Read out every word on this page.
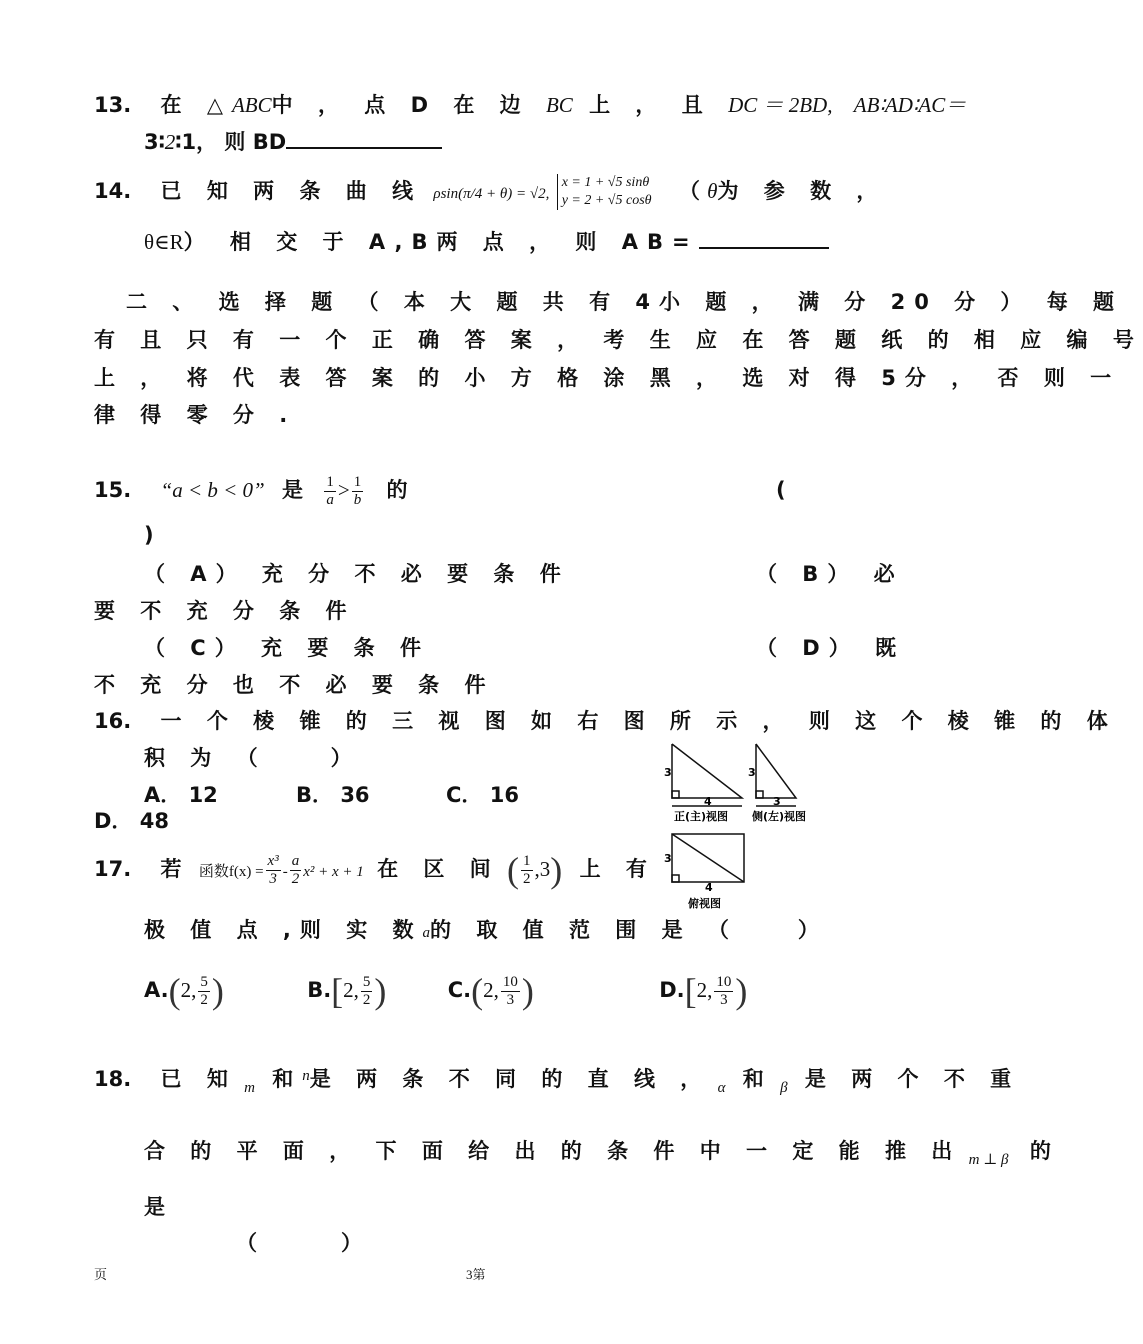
13. 在 △ABC中 ， 点 D 在 边 BC 上 ， 且 DC ＝ 2BD, AB∶AD∶AC＝
3∶2∶1， 则 BD
14. 已 知 两 条 曲 线 ρsin(π/4 + θ) = √2, x = 1 + √5 sinθ
y = 2 + √5 cosθ （ θ为 参 数 ，
θ∈R） 相 交 于 A,B两 点 ， 则 AB=
二 、 选 择 题 （ 本 大 题 共 有 4小 题 ， 满 分 20 分 ） 每 题
有 且 只 有 一 个 正 确 答 案 ， 考 生 应 在 答 题 纸 的 相 应 编 号
上 ， 将 代 表 答 案 的 小 方 格 涂 黑 ， 选 对 得 5分 ， 否 则 一
律 得 零 分 .
15. “a < b < 0” 是 $\frac{1}{a} > \frac{1}{b}$ 的	(
)
（ A） 充 分 不 必 要 条 件	（ B） 必
要 不 充 分 条 件
（ C） 充 要 条 件	（ D） 既
不 充 分 也 不 必 要 条 件
16. 一 个 棱 锥 的 三 视 图 如 右 图 所 示 ， 则 这 个 棱 锥 的 体
积 为 （	）
A． 12	B． 36	C． 16
D． 48
3
4
3
3
正(主)视图 侧(左)视图
3
4
俯视图
17. 若 函数$f(x) = \frac{\text{x³}}{3} - \frac{a}{2} x^2 + x + 1$ 在 区 间 ( $\frac{1}{2} ,3$) 上 有
极 值 点 ,则 实 数a的 取 值 范 围 是 （　　）
A.(2, $\frac{5}{2}$ )	B.[2, $\frac{5}{2}$ )	C.(2, $\frac{10}{3}$ )	D.[2, $\frac{10}{3}$ )
18. 已 知 $_m$ 和$^n$是 两 条 不 同 的 直 线 ， $_\alpha$ 和 $_\beta$ 是 两 个 不 重
合 的 平 面 ， 下 面 给 出 的 条 件 中 一 定 能 推 出 $_{m \perp \beta}$ 的
是
（　　　　）
页	3第
